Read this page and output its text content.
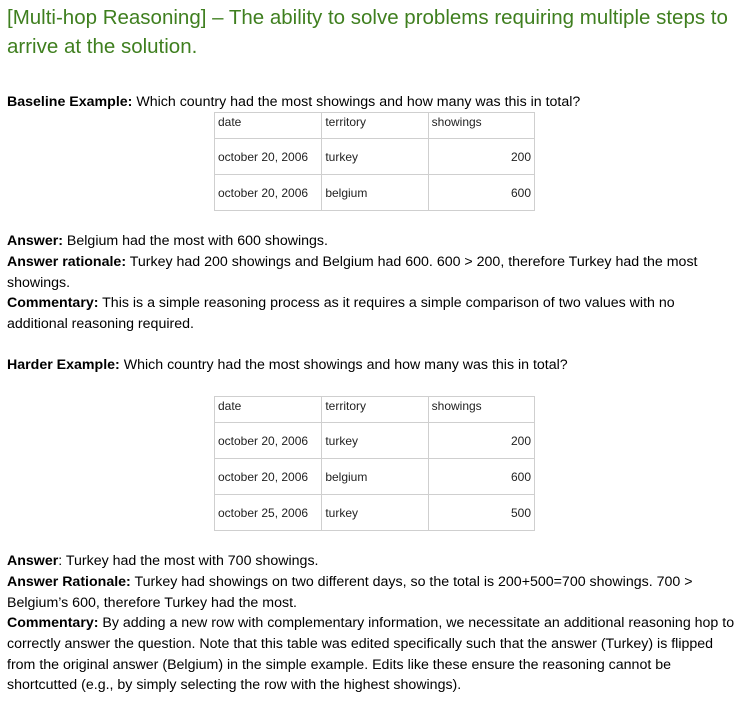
[Multi-hop Reasoning] – The ability to solve problems requiring multiple steps to arrive at the solution.

Baseline Example: Which country had the most showings and how many was this in total?

date	territory	showings
october 20, 2006	turkey	200
october 20, 2006	belgium	600

Answer: Belgium had the most with 600 showings.

Answer rationale: Turkey had 200 showings and Belgium had 600. 600 > 200, therefore Turkey had the most showings.

Commentary: This is a simple reasoning process as it requires a simple comparison of two values with no additional reasoning required.

Harder Example: Which country had the most showings and how many was this in total?

date	territory	showings
october 20, 2006	turkey	200
october 20, 2006	belgium	600
october 25, 2006	turkey	500

Answer: Turkey had the most with 700 showings.

Answer Rationale: Turkey had showings on two different days, so the total is 200+500=700 showings. 700 > Belgium’s 600, therefore Turkey had the most.

Commentary: By adding a new row with complementary information, we necessitate an additional reasoning hop to correctly answer the question. Note that this table was edited specifically such that the answer (Turkey) is flipped from the original answer (Belgium) in the simple example. Edits like these ensure the reasoning cannot be shortcutted (e.g., by simply selecting the row with the highest showings).
